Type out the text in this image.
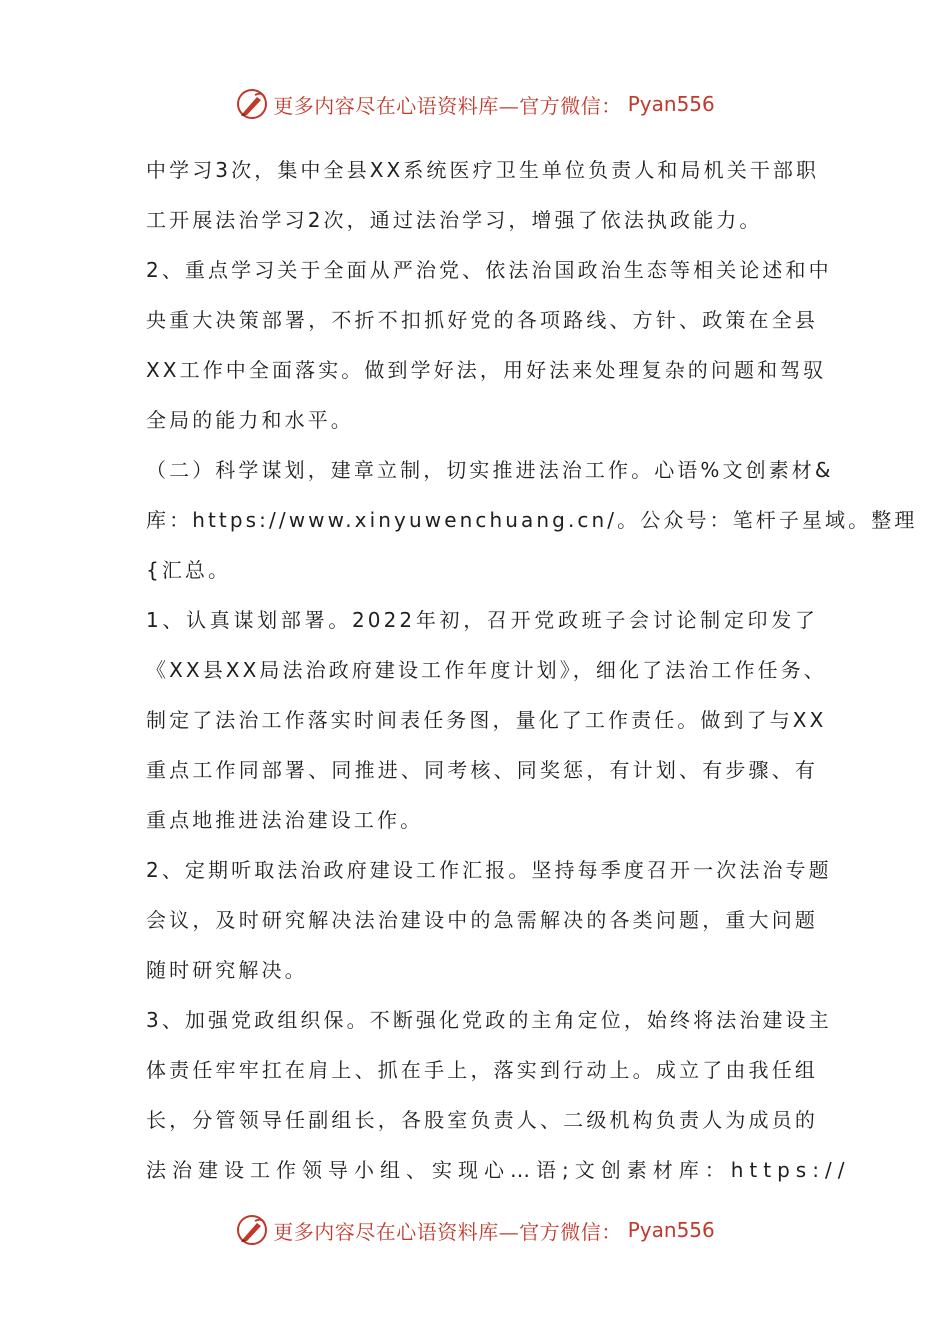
更多内容尽在心语资料库—官方微信： Pyan556
中学习3次，集中全县XX系统医疗卫生单位负责人和局机关干部职
工开展法治学习2次，通过法治学习，增强了依法执政能力。
2、重点学习关于全面从严治党、依法治国政治生态等相关论述和中
央重大决策部署，不折不扣抓好党的各项路线、方针、政策在全县
XX工作中全面落实。做到学好法，用好法来处理复杂的问题和驾驭
全局的能力和水平。
（二）科学谋划，建章立制，切实推进法治工作。心语%文创素材&
库：https://www.xinyuwenchuang.cn/。公众号：笔杆子星域。整理
{汇总。
1、认真谋划部署。2022年初，召开党政班子会讨论制定印发了
《XX县XX局法治政府建设工作年度计划》，细化了法治工作任务、
制定了法治工作落实时间表任务图，量化了工作责任。做到了与XX
重点工作同部署、同推进、同考核、同奖惩，有计划、有步骤、有
重点地推进法治建设工作。
2、定期听取法治政府建设工作汇报。坚持每季度召开一次法治专题
会议，及时研究解决法治建设中的急需解决的各类问题，重大问题
随时研究解决。
3、加强党政组织保。不断强化党政的主角定位，始终将法治建设主
体责任牢牢扛在肩上、抓在手上，落实到行动上。成立了由我任组
长，分管领导任副组长，各股室负责人、二级机构负责人为成员的
法治建设工作领导小组、实现心…语;文创素材库：https://
更多内容尽在心语资料库—官方微信： Pyan556
